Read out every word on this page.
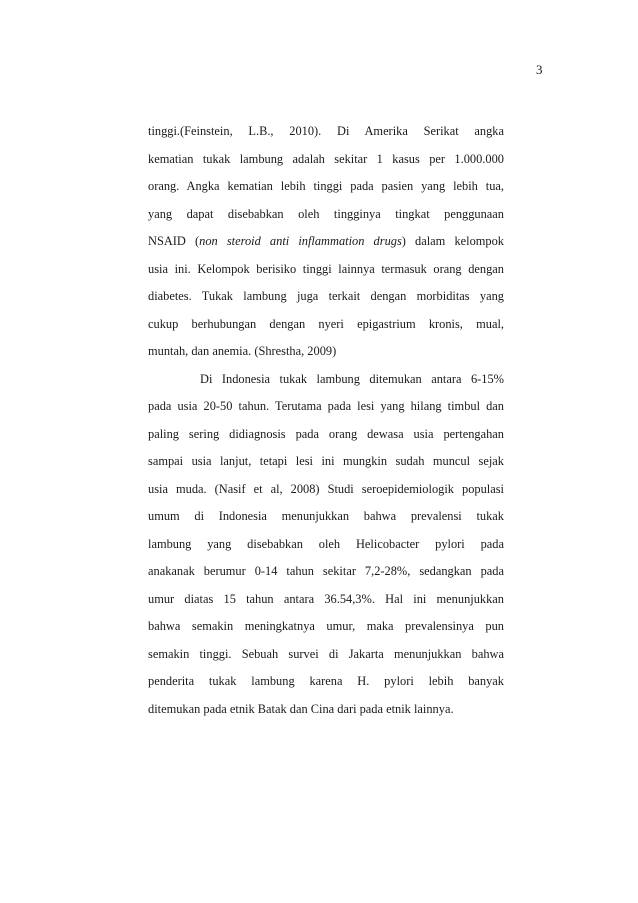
3
tinggi.(Feinstein, L.B., 2010). Di Amerika Serikat angka
kematian tukak lambung adalah sekitar 1 kasus per 1.000.000
orang. Angka kematian lebih tinggi pada pasien yang lebih tua,
yang dapat disebabkan oleh tingginya tingkat penggunaan
NSAID (non steroid anti inflammation drugs) dalam kelompok
usia ini. Kelompok berisiko tinggi lainnya termasuk orang dengan
diabetes. Tukak lambung juga terkait dengan morbiditas yang
cukup berhubungan dengan nyeri epigastrium kronis, mual,
muntah, dan anemia. (Shrestha, 2009)
Di Indonesia tukak lambung ditemukan antara 6-15%
pada usia 20-50 tahun. Terutama pada lesi yang hilang timbul dan
paling sering didiagnosis pada orang dewasa usia pertengahan
sampai usia lanjut, tetapi lesi ini mungkin sudah muncul sejak
usia muda. (Nasif et al, 2008) Studi seroepidemiologik populasi
umum di Indonesia menunjukkan bahwa prevalensi tukak
lambung yang disebabkan oleh Helicobacter pylori pada
anakanak berumur 0-14 tahun sekitar 7,2-28%, sedangkan pada
umur diatas 15 tahun antara 36.54,3%. Hal ini menunjukkan
bahwa semakin meningkatnya umur, maka prevalensinya pun
semakin tinggi. Sebuah survei di Jakarta menunjukkan bahwa
penderita tukak lambung karena H. pylori lebih banyak
ditemukan pada etnik Batak dan Cina dari pada etnik lainnya.
